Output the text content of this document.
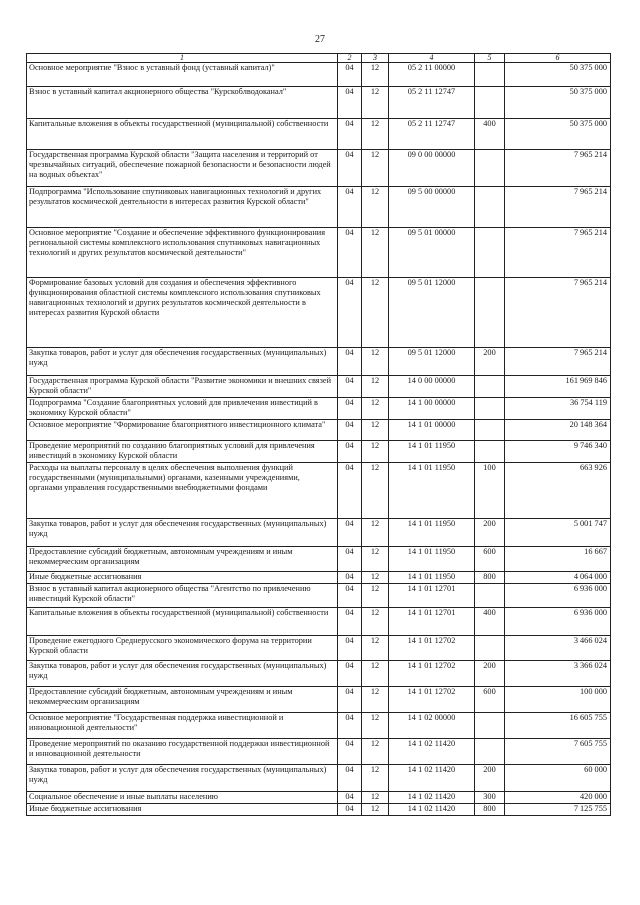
27
1	2	3	4	5	6
Основное мероприятие "Взнос в уставный фонд (уставный капитал)"	04	12	05 2 11 00000		50 375 000
Взнос в уставный капитал акционерного общества "Курскоблводоканал"	04	12	05 2 11 12747		50 375 000
Капитальные вложения в объекты государственной (муниципальной) собственности	04	12	05 2 11 12747	400	50 375 000
Государственная программа Курской области "Защита населения и территорий от чрезвычайных ситуаций, обеспечение пожарной безопасности и безопасности людей на водных объектах"	04	12	09 0 00 00000		7 965 214
Подпрограмма "Использование спутниковых навигационных технологий и других результатов космической деятельности в интересах развития Курской области"	04	12	09 5 00 00000		7 965 214
Основное мероприятие "Создание и обеспечение эффективного функционирования региональной системы комплексного использования спутниковых навигационных технологий и других результатов космической деятельности"	04	12	09 5 01 00000		7 965 214
Формирование базовых условий для создания и обеспечения эффективного функционирования областной системы комплексного использования спутниковых навигационных технологий и других результатов космической деятельности в интересах развития Курской области	04	12	09 5 01 12000		7 965 214
Закупка товаров, работ и услуг для обеспечения государственных (муниципальных) нужд	04	12	09 5 01 12000	200	7 965 214
Государственная программа Курской области "Развитие экономики и внешних связей Курской области"	04	12	14 0 00 00000		161 969 846
Подпрограмма "Создание благоприятных условий для привлечения инвестиций в экономику Курской области"	04	12	14 1 00 00000		36 754 119
Основное мероприятие "Формирование благоприятного инвестиционного климата"	04	12	14 1 01 00000		20 148 364
Проведение мероприятий по созданию благоприятных условий для привлечения инвестиций в экономику Курской области	04	12	14 1 01 11950		9 746 340
Расходы на выплаты персоналу в целях обеспечения выполнения функций государственными (муниципальными) органами, казенными учреждениями, органами управления государственными внебюджетными фондами	04	12	14 1 01 11950	100	663 926
Закупка товаров, работ и услуг для обеспечения государственных (муниципальных) нужд	04	12	14 1 01 11950	200	5 001 747
Предоставление субсидий бюджетным, автономным учреждениям и иным некоммерческим организациям	04	12	14 1 01 11950	600	16 667
Иные бюджетные ассигнования	04	12	14 1 01 11950	800	4 064 000
Взнос в уставный капитал акционерного общества "Агентство по привлечению инвестиций Курской области"	04	12	14 1 01 12701		6 936 000
Капитальные вложения в объекты государственной (муниципальной) собственности	04	12	14 1 01 12701	400	6 936 000
Проведение ежегодного Среднерусского экономического форума на территории Курской области	04	12	14 1 01 12702		3 466 024
Закупка товаров, работ и услуг для обеспечения государственных (муниципальных) нужд	04	12	14 1 01 12702	200	3 366 024
Предоставление субсидий бюджетным, автономным учреждениям и иным некоммерческим организациям	04	12	14 1 01 12702	600	100 000
Основное мероприятие "Государственная поддержка инвестиционной и инновационной деятельности"	04	12	14 1 02 00000		16 605 755
Проведение мероприятий по оказанию государственной поддержки инвестиционной и инновационной деятельности	04	12	14 1 02 11420		7 605 755
Закупка товаров, работ и услуг для обеспечения государственных (муниципальных) нужд	04	12	14 1 02 11420	200	60 000
Социальное обеспечение и иные выплаты населению	04	12	14 1 02 11420	300	420 000
Иные бюджетные ассигнования	04	12	14 1 02 11420	800	7 125 755
